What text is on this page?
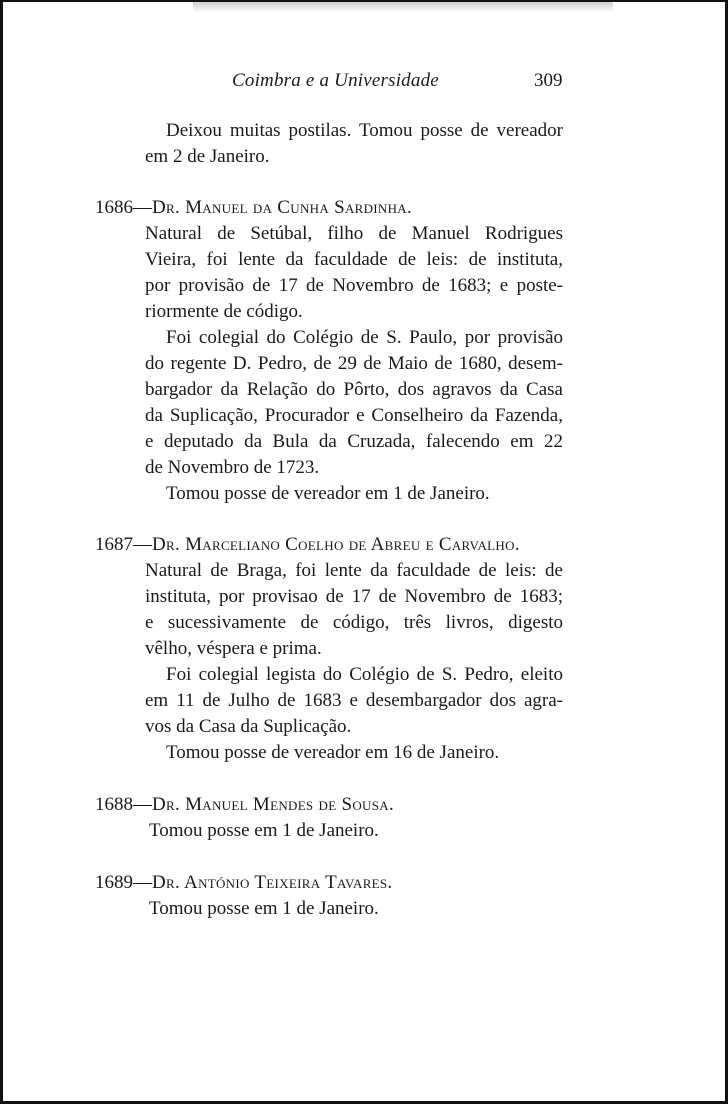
Coimbra e a Universidade	309
Deixou muitas postilas. Tomou posse de vereador
em 2 de Janeiro.
1686—Dr. Manuel da Cunha Sardinha.
Natural de Setúbal, filho de Manuel Rodrigues
Vieira, foi lente da faculdade de leis: de instituta,
por provisão de 17 de Novembro de 1683; e poste-
riormente de código.
Foi colegial do Colégio de S. Paulo, por provisão
do regente D. Pedro, de 29 de Maio de 1680, desem-
bargador da Relação do Pôrto, dos agravos da Casa
da Suplicação, Procurador e Conselheiro da Fazenda,
e deputado da Bula da Cruzada, falecendo em 22
de Novembro de 1723.
Tomou posse de vereador em 1 de Janeiro.
1687—Dr. Marceliano Coelho de Abreu e Carvalho.
Natural de Braga, foi lente da faculdade de leis: de
instituta, por provisao de 17 de Novembro de 1683;
e sucessivamente de código, três livros, digesto
vêlho, véspera e prima.
Foi colegial legista do Colégio de S. Pedro, eleito
em 11 de Julho de 1683 e desembargador dos agra-
vos da Casa da Suplicação.
Tomou posse de vereador em 16 de Janeiro.
1688—Dr. Manuel Mendes de Sousa.
Tomou posse em 1 de Janeiro.
1689—Dr. António Teixeira Tavares.
Tomou posse em 1 de Janeiro.
